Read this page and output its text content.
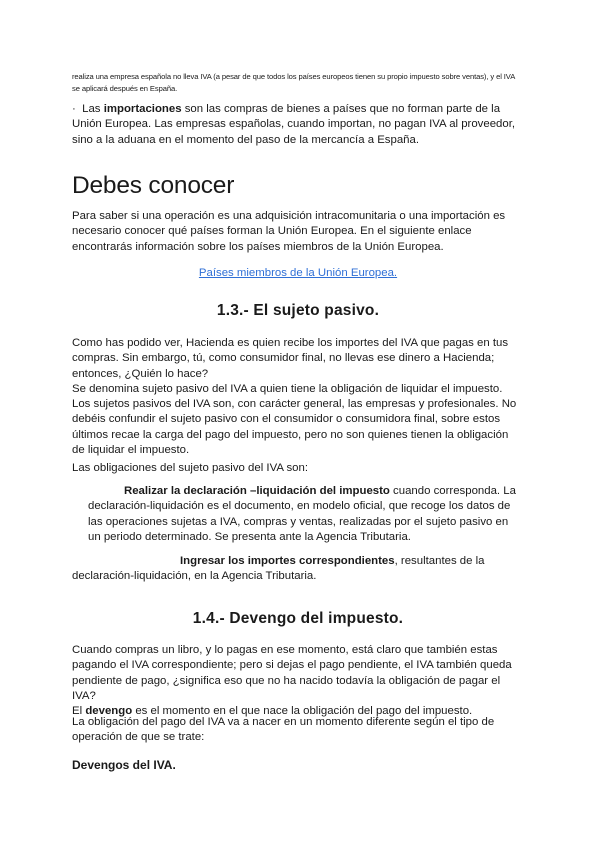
realiza una empresa española no lleva IVA (a pesar de que todos los países europeos tienen su propio impuesto sobre ventas), y el IVA se aplicará después en España.

· Las importaciones son las compras de bienes a países que no forman parte de la Unión Europea. Las empresas españolas, cuando importan, no pagan IVA al proveedor, sino a la aduana en el momento del paso de la mercancía a España.

Debes conocer

Para saber si una operación es una adquisición intracomunitaria o una importación es necesario conocer qué países forman la Unión Europea. En el siguiente enlace encontrarás información sobre los países miembros de la Unión Europea.

Países miembros de la Unión Europea.
1.3.- El sujeto pasivo.
Como has podido ver, Hacienda es quien recibe los importes del IVA que pagas en tus compras. Sin embargo, tú, como consumidor final, no llevas ese dinero a Hacienda; entonces, ¿Quién lo hace?
Se denomina sujeto pasivo del IVA a quien tiene la obligación de liquidar el impuesto.
Los sujetos pasivos del IVA son, con carácter general, las empresas y profesionales. No debéis confundir el sujeto pasivo con el consumidor o consumidora final, sobre estos últimos recae la carga del pago del impuesto, pero no son quienes tienen la obligación de liquidar el impuesto.

Las obligaciones del sujeto pasivo del IVA son:

Realizar la declaración –liquidación del impuesto cuando corresponda. La declaración-liquidación es el documento, en modelo oficial, que recoge los datos de las operaciones sujetas a IVA, compras y ventas, realizadas por el sujeto pasivo en un periodo determinado. Se presenta ante la Agencia Tributaria.

Ingresar los importes correspondientes, resultantes de la declaración-liquidación, en la Agencia Tributaria.

1.4.- Devengo del impuesto.
Cuando compras un libro, y lo pagas en ese momento, está claro que también estas pagando el IVA correspondiente; pero si dejas el pago pendiente, el IVA también queda pendiente de pago, ¿significa eso que no ha nacido todavía la obligación de pagar el IVA?
El devengo es el momento en el que nace la obligación del pago del impuesto.

La obligación del pago del IVA va a nacer en un momento diferente según el tipo de operación de que se trate:

Devengos del IVA.
